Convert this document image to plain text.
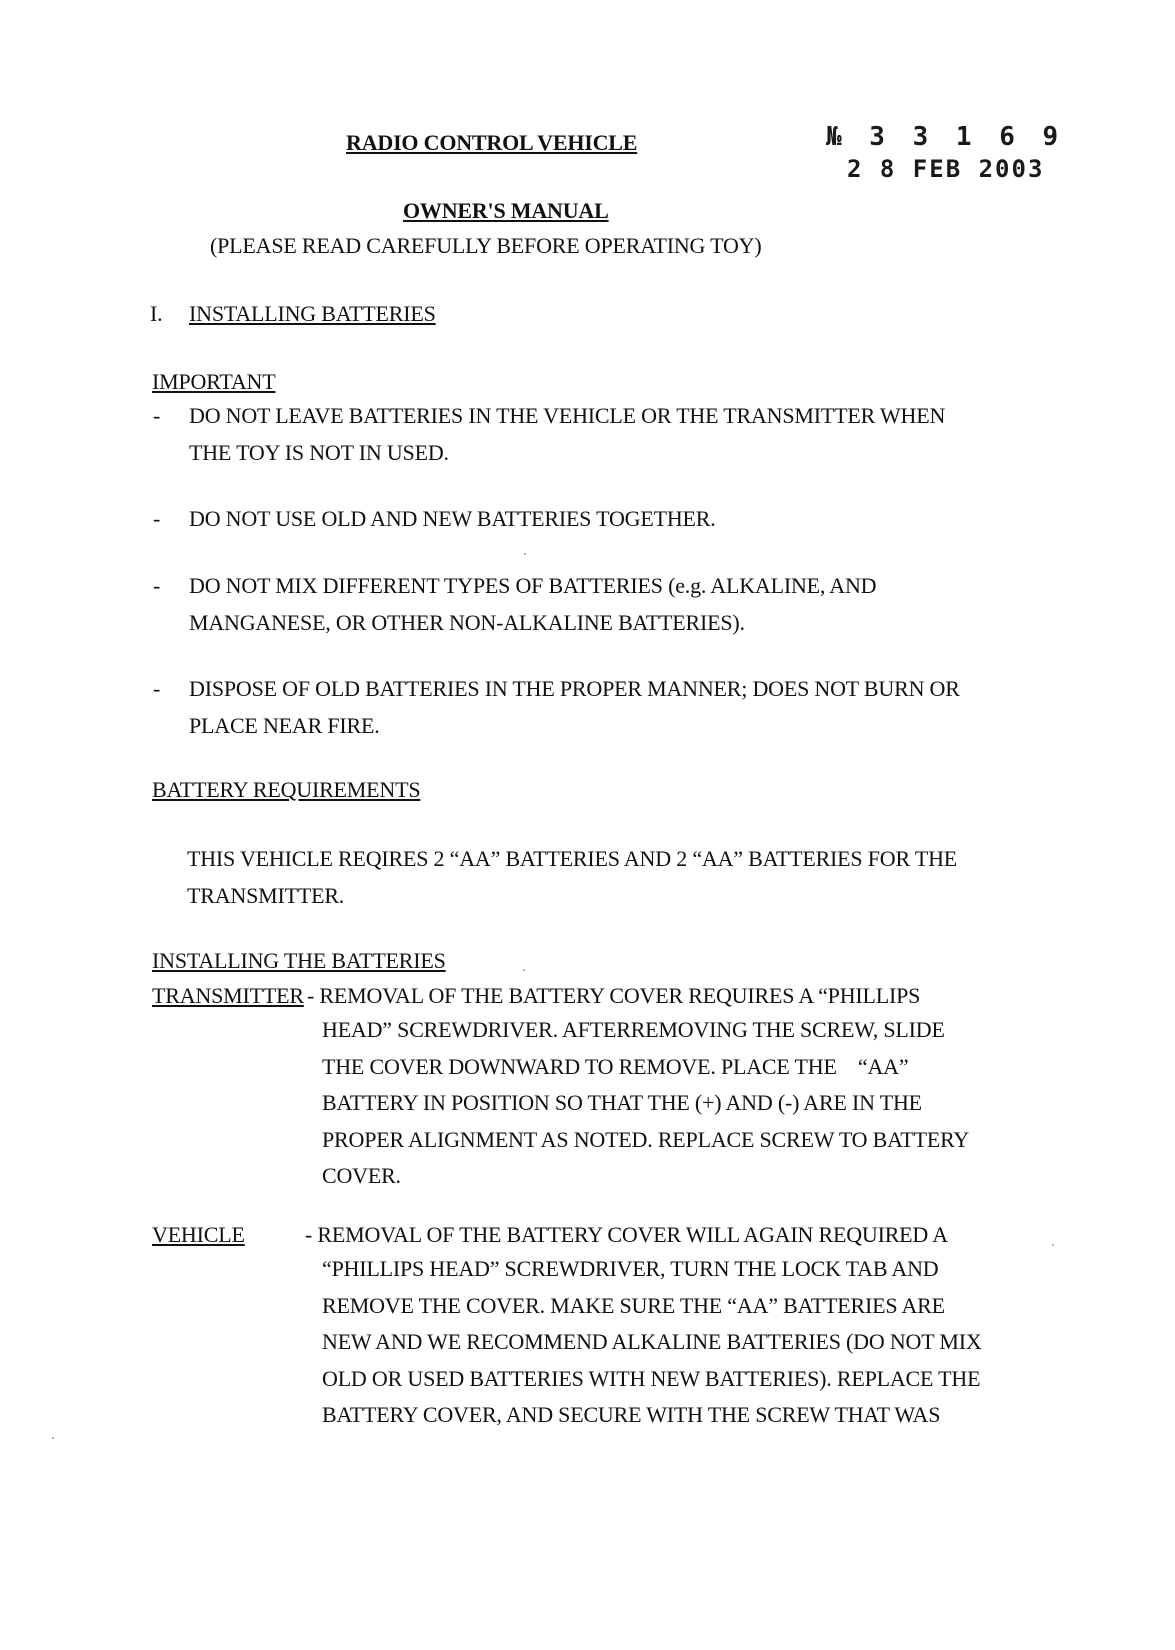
RADIO CONTROL VEHICLE	№ 3 3 1 6 9
2 8 FEB 2003
OWNER'S MANUAL
(PLEASE READ CAREFULLY BEFORE OPERATING TOY)
I. INSTALLING BATTERIES
IMPORTANT
- DO NOT LEAVE BATTERIES IN THE VEHICLE OR THE TRANSMITTER WHEN
THE TOY IS NOT IN USED.
- DO NOT USE OLD AND NEW BATTERIES TOGETHER.
- DO NOT MIX DIFFERENT TYPES OF BATTERIES (e.g. ALKALINE, AND
MANGANESE, OR OTHER NON-ALKALINE BATTERIES).
- DISPOSE OF OLD BATTERIES IN THE PROPER MANNER; DOES NOT BURN OR
PLACE NEAR FIRE.
BATTERY REQUIREMENTS
THIS VEHICLE REQIRES 2 “AA” BATTERIES AND 2 “AA” BATTERIES FOR THE
TRANSMITTER.
INSTALLING THE BATTERIES
TRANSMITTER - REMOVAL OF THE BATTERY COVER REQUIRES A “PHILLIPS
HEAD” SCREWDRIVER. AFTERREMOVING THE SCREW, SLIDE
THE COVER DOWNWARD TO REMOVE. PLACE THE    “AA”
BATTERY IN POSITION SO THAT THE (+) AND (-) ARE IN THE
PROPER ALIGNMENT AS NOTED. REPLACE SCREW TO BATTERY
COVER.
VEHICLE	- REMOVAL OF THE BATTERY COVER WILL AGAIN REQUIRED A
“PHILLIPS HEAD” SCREWDRIVER, TURN THE LOCK TAB AND
REMOVE THE COVER. MAKE SURE THE “AA” BATTERIES ARE
NEW AND WE RECOMMEND ALKALINE BATTERIES (DO NOT MIX
OLD OR USED BATTERIES WITH NEW BATTERIES). REPLACE THE
BATTERY COVER, AND SECURE WITH THE SCREW THAT WAS
